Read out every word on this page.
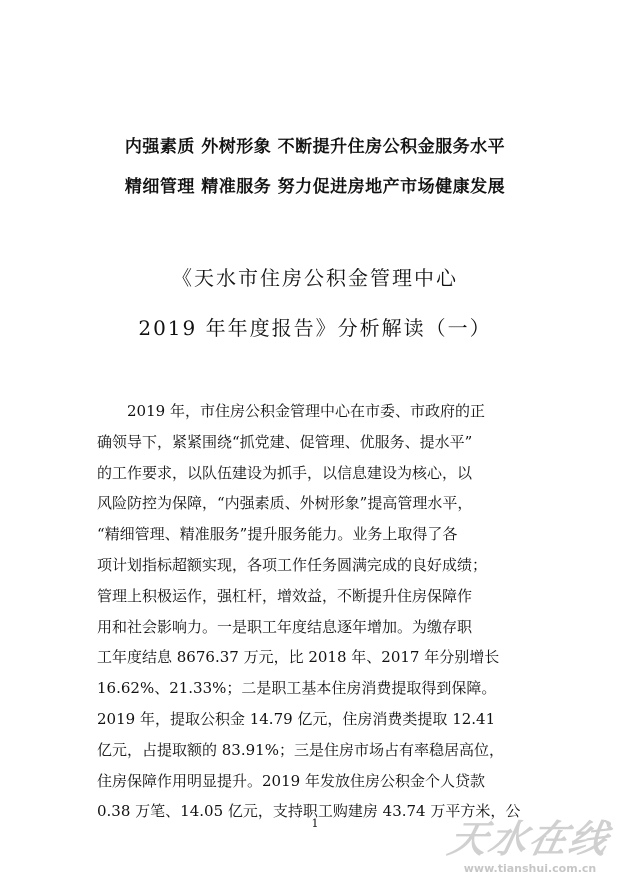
内强素质 外树形象 不断提升住房公积金服务水平
精细管理 精准服务 努力促进房地产市场健康发展
《天水市住房公积金管理中心
2019 年年度报告》分析解读（一）
　　2019 年，市住房公积金管理中心在市委、市政府的正
确领导下，紧紧围绕“抓党建、促管理、优服务、提水平”
的工作要求，以队伍建设为抓手，以信息建设为核心，以
风险防控为保障，“内强素质、外树形象”提高管理水平，
“精细管理、精准服务”提升服务能力。业务上取得了各
项计划指标超额实现，各项工作任务圆满完成的良好成绩；
管理上积极运作，强杠杆，增效益，不断提升住房保障作
用和社会影响力。一是职工年度结息逐年增加。为缴存职
工年度结息 8676.37 万元，比 2018 年、2017 年分别增长
16.62%、21.33%；二是职工基本住房消费提取得到保障。
2019 年，提取公积金 14.79 亿元，住房消费类提取 12.41
亿元，占提取额的 83.91%；三是住房市场占有率稳居高位，
住房保障作用明显提升。2019 年发放住房公积金个人贷款
0.38 万笔、14.05 亿元，支持职工购建房 43.74 万平方米，公
1	天水在线
www.tianshui.com.cn
